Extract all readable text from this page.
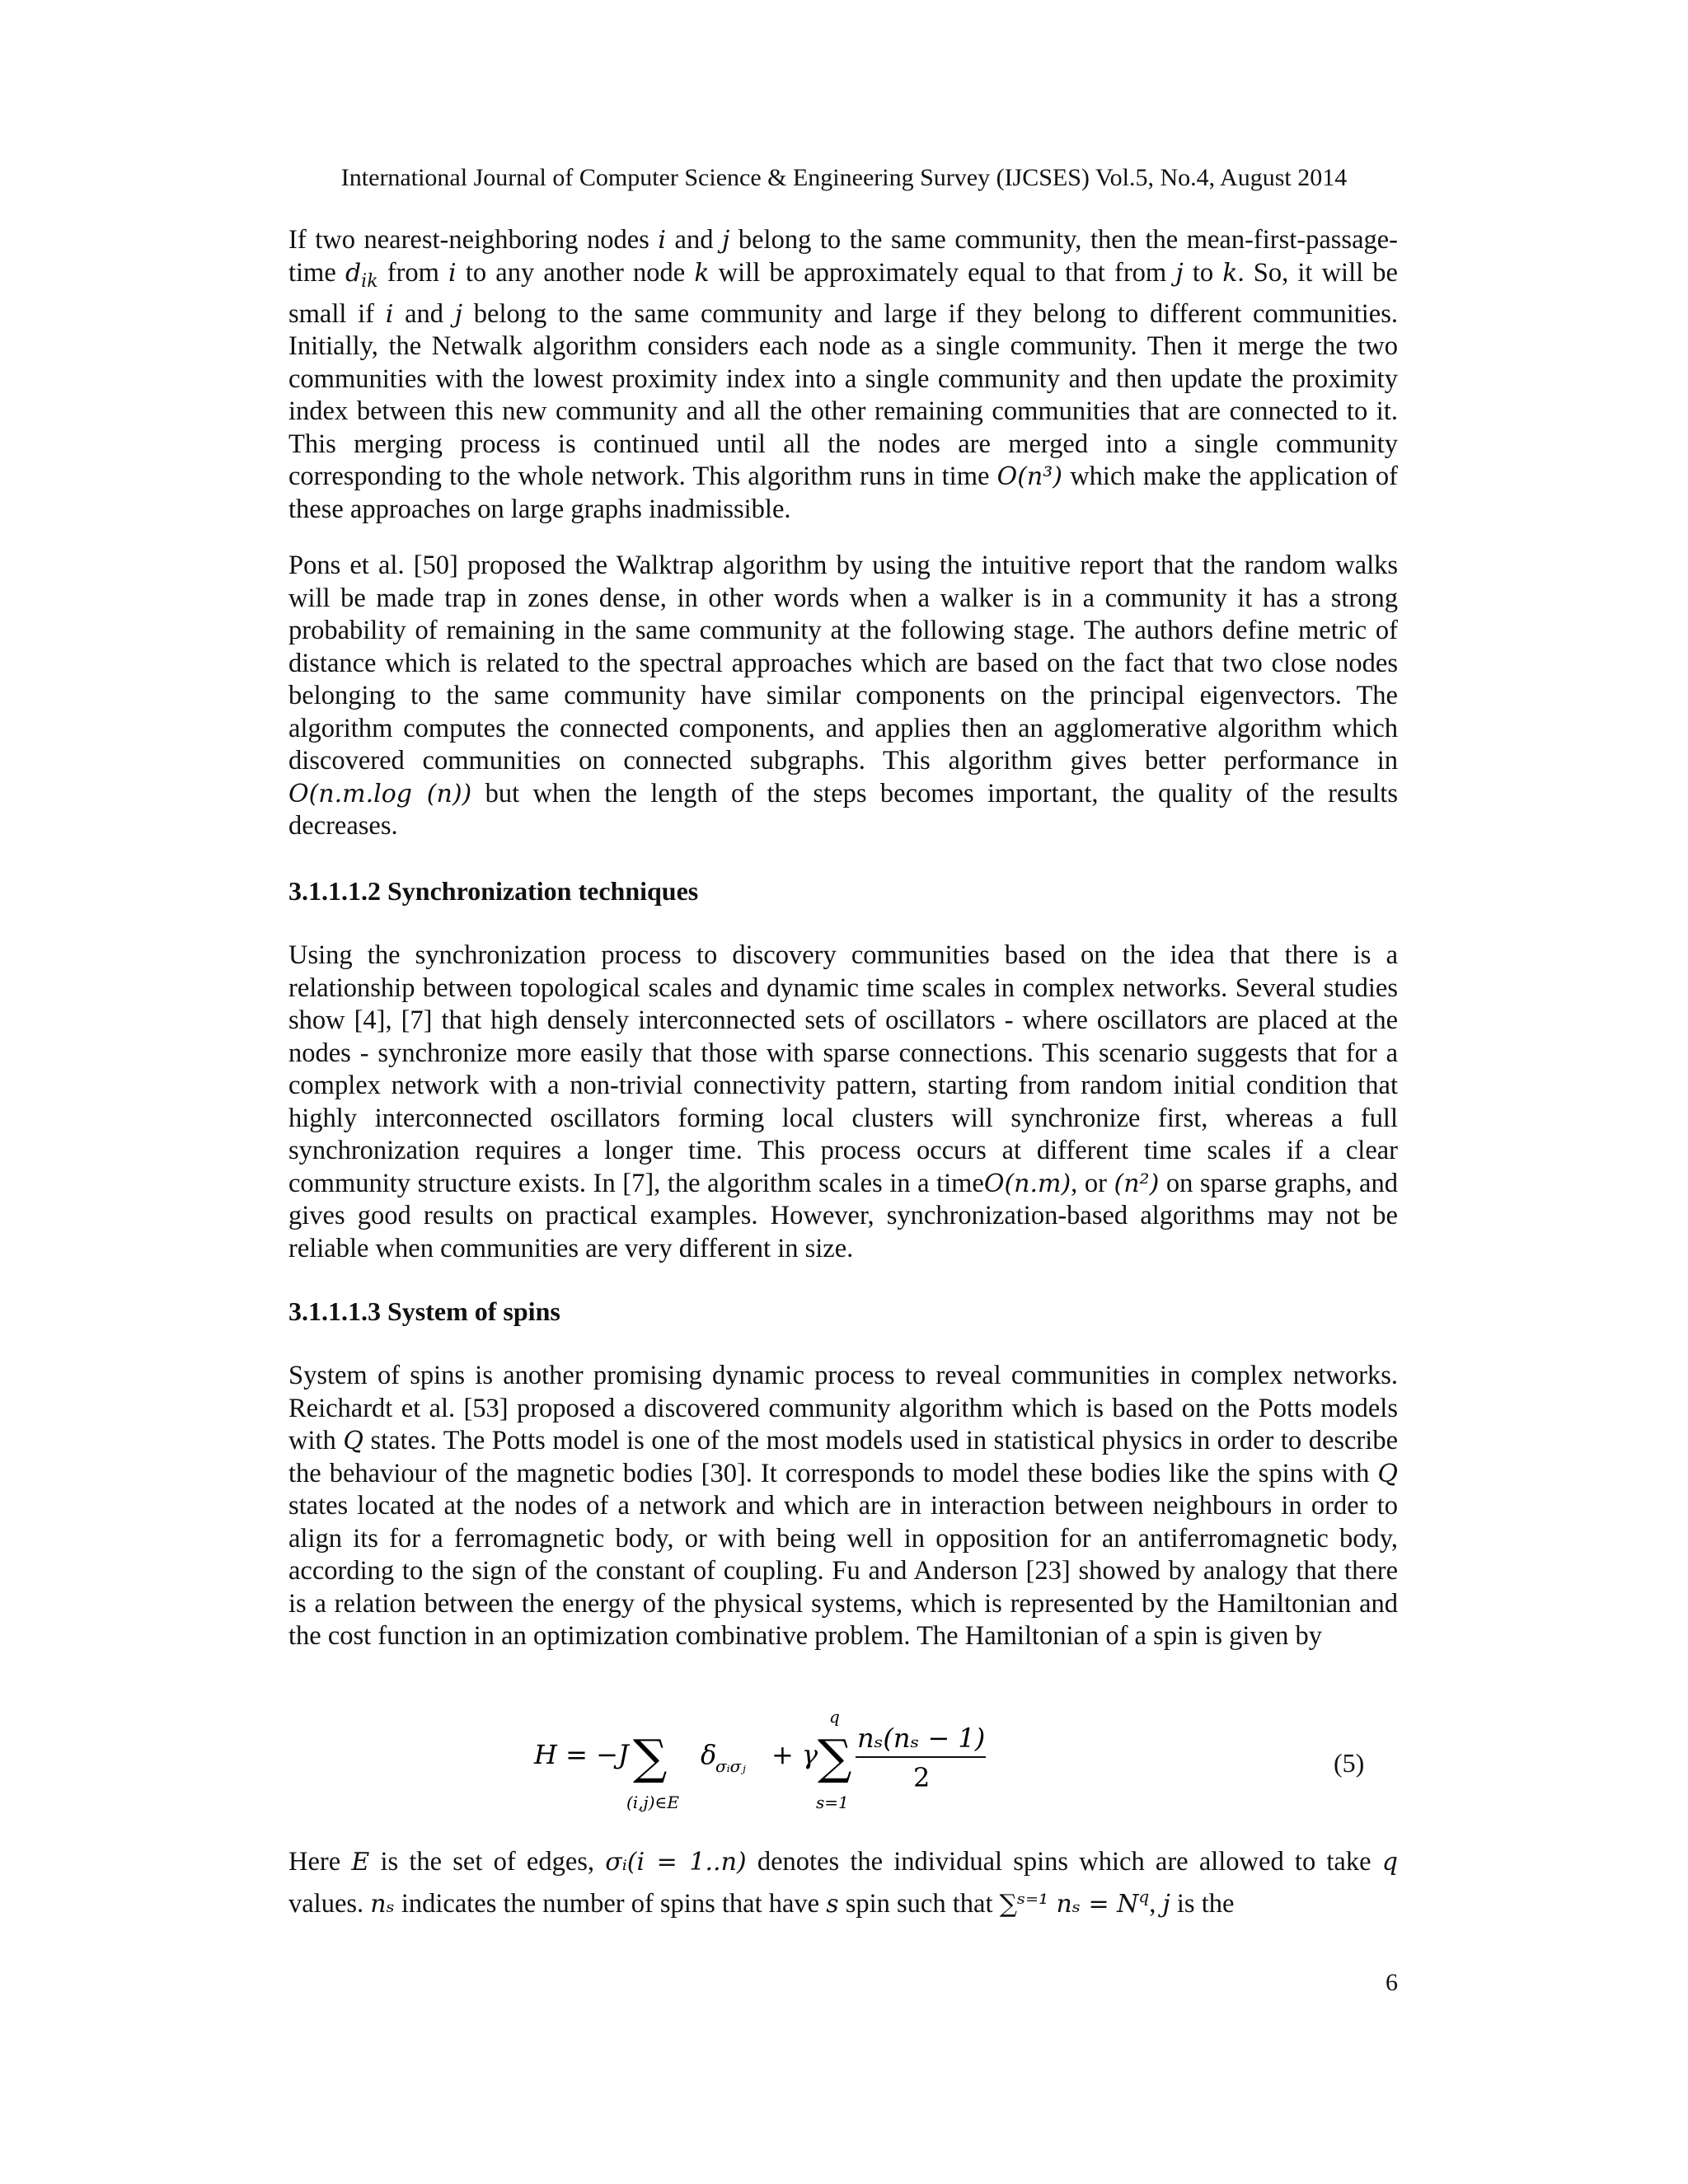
International Journal of Computer Science & Engineering Survey (IJCSES) Vol.5, No.4, August 2014

If two nearest-neighboring nodes i and j belong to the same community, then the mean-first-passage-time $d_{ik}$ from i to any another node k will be approximately equal to that from j to k. So, it will be small if i and j belong to the same community and large if they belong to different communities. Initially, the Netwalk algorithm considers each node as a single community. Then it merge the two communities with the lowest proximity index into a single community and then update the proximity index between this new community and all the other remaining communities that are connected to it. This merging process is continued until all the nodes are merged into a single community corresponding to the whole network. This algorithm runs in time O(n³) which make the application of these approaches on large graphs inadmissible.

Pons et al. [50] proposed the Walktrap algorithm by using the intuitive report that the random walks will be made trap in zones dense, in other words when a walker is in a community it has a strong probability of remaining in the same community at the following stage. The authors define metric of distance which is related to the spectral approaches which are based on the fact that two close nodes belonging to the same community have similar components on the principal eigenvectors. The algorithm computes the connected components, and applies then an agglomerative algorithm which discovered communities on connected subgraphs. This algorithm gives better performance in O(n.m.log (n)) but when the length of the steps becomes important, the quality of the results decreases.

3.1.1.1.2 Synchronization techniques

Using the synchronization process to discovery communities based on the idea that there is a relationship between topological scales and dynamic time scales in complex networks. Several studies show [4], [7] that high densely interconnected sets of oscillators - where oscillators are placed at the nodes - synchronize more easily that those with sparse connections. This scenario suggests that for a complex network with a non-trivial connectivity pattern, starting from random initial condition that highly interconnected oscillators forming local clusters will synchronize first, whereas a full synchronization requires a longer time. This process occurs at different time scales if a clear community structure exists. In [7], the algorithm scales in a timeO(n.m), or (n²) on sparse graphs, and gives good results on practical examples. However, synchronization-based algorithms may not be reliable when communities are very different in size.

3.1.1.1.3 System of spins

System of spins is another promising dynamic process to reveal communities in complex networks. Reichardt et al. [53] proposed a discovered community algorithm which is based on the Potts models with Q states. The Potts model is one of the most models used in statistical physics in order to describe the behaviour of the magnetic bodies [30]. It corresponds to model these bodies like the spins with Q states located at the nodes of a network and which are in interaction between neighbours in order to align its for a ferromagnetic body, or with being well in opposition for an antiferromagnetic body, according to the sign of the constant of coupling. Fu and Anderson [23] showed by analogy that there is a relation between the energy of the physical systems, which is represented by the Hamiltonian and the cost function in an optimization combinative problem. The Hamiltonian of a spin is given by

H = −J ∑
(i,j)∈E
δ
σᵢσⱼ + γ
q
∑
s=1
nₛ(nₛ − 1)
2	(5)

Here E is the set of edges, σᵢ(i = 1..n) denotes the individual spins which are allowed to take q values. nₛ indicates the number of spins that have s spin such that ∑ˢ⁼¹ $n_s = N^q$, j is the

6
